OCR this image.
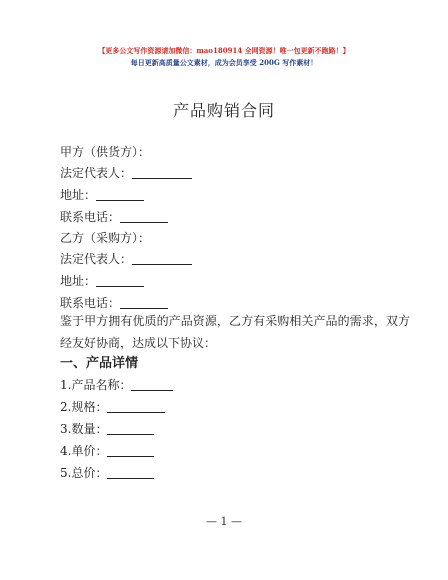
【更多公文写作资源请加微信：mao180914 全网资源！唯一包更新不跑路！】
每日更新高质量公文素材，成为会员享受 200G 写作素材！
产品购销合同
甲方（供货方）：
法定代表人：
地址：
联系电话：
乙方（采购方）：
法定代表人：
地址：
联系电话：
鉴于甲方拥有优质的产品资源，乙方有采购相关产品的需求，双方经友好协商，达成以下协议：
一、产品详情
1.产品名称：
2.规格：
3.数量：
4.单价：
5.总价：
— 1 —
